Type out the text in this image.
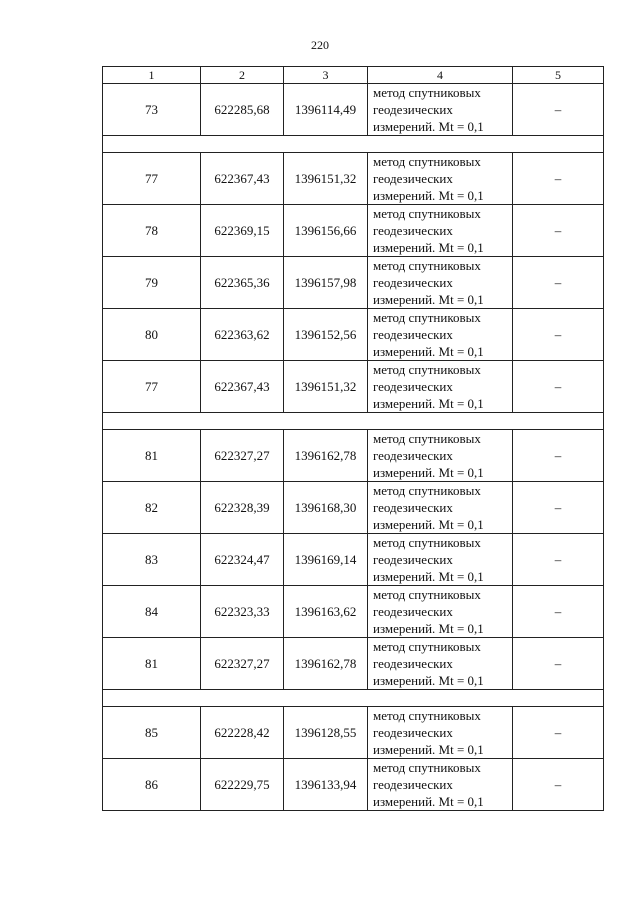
220
1	2	3	4	5
73	622285,68	1396114,49	метод спутниковых
геодезических
измерений. Mt = 0,1	–

77	622367,43	1396151,32	метод спутниковых
геодезических
измерений. Mt = 0,1	–
78	622369,15	1396156,66	метод спутниковых
геодезических
измерений. Mt = 0,1	–
79	622365,36	1396157,98	метод спутниковых
геодезических
измерений. Mt = 0,1	–
80	622363,62	1396152,56	метод спутниковых
геодезических
измерений. Mt = 0,1	–
77	622367,43	1396151,32	метод спутниковых
геодезических
измерений. Mt = 0,1	–

81	622327,27	1396162,78	метод спутниковых
геодезических
измерений. Mt = 0,1	–
82	622328,39	1396168,30	метод спутниковых
геодезических
измерений. Mt = 0,1	–
83	622324,47	1396169,14	метод спутниковых
геодезических
измерений. Mt = 0,1	–
84	622323,33	1396163,62	метод спутниковых
геодезических
измерений. Mt = 0,1	–
81	622327,27	1396162,78	метод спутниковых
геодезических
измерений. Mt = 0,1	–

85	622228,42	1396128,55	метод спутниковых
геодезических
измерений. Mt = 0,1	–
86	622229,75	1396133,94	метод спутниковых
геодезических
измерений. Mt = 0,1	–
